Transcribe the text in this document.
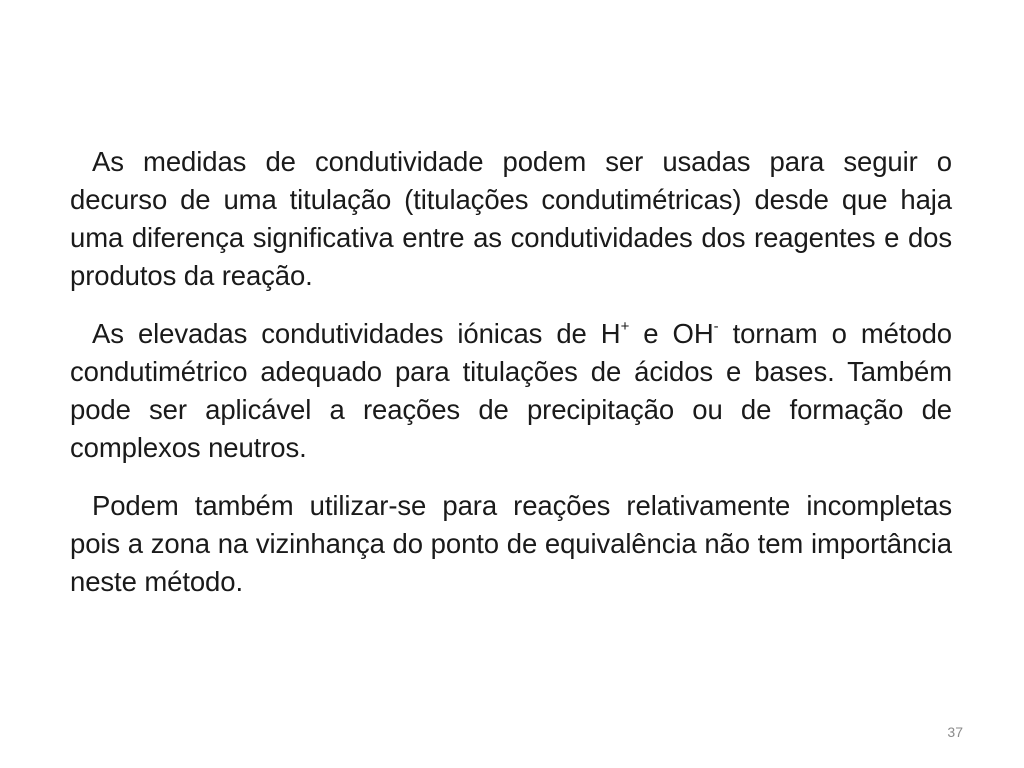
As medidas de condutividade podem ser usadas para seguir o decurso de uma titulação (titulações condutimétricas) desde que haja uma diferença significativa entre as condutividades dos reagentes e dos produtos da reação.

As elevadas condutividades iónicas de H+ e OH- tornam o método condutimétrico adequado para titulações de ácidos e bases. Também pode ser aplicável a reações de precipitação ou de formação de complexos neutros.

Podem também utilizar-se para reações relativamente incompletas pois a zona na vizinhança do ponto de equivalência não tem importância neste método.

37
